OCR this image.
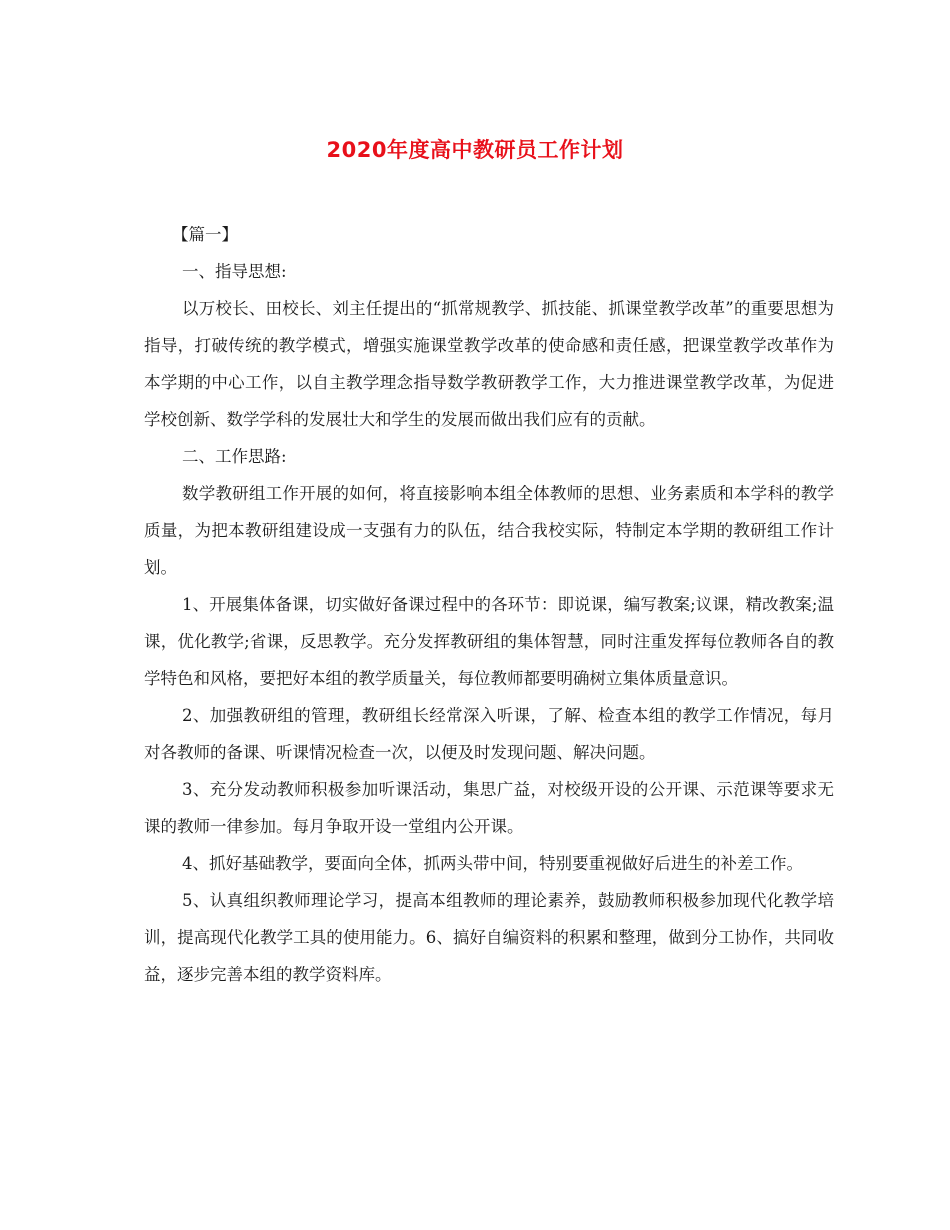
2020年度高中教研员工作计划

【篇一】

一、指导思想:

以万校长、田校长、刘主任提出的“抓常规教学、抓技能、抓课堂教学改革”的重要思想为指导，打破传统的教学模式，增强实施课堂教学改革的使命感和责任感，把课堂教学改革作为本学期的中心工作，以自主教学理念指导数学教研教学工作，大力推进课堂教学改革，为促进学校创新、数学学科的发展壮大和学生的发展而做出我们应有的贡献。

二、工作思路:

数学教研组工作开展的如何，将直接影响本组全体教师的思想、业务素质和本学科的教学质量，为把本教研组建设成一支强有力的队伍，结合我校实际，特制定本学期的教研组工作计划。

1、开展集体备课，切实做好备课过程中的各环节：即说课，编写教案;议课，精改教案;温课，优化教学;省课，反思教学。充分发挥教研组的集体智慧，同时注重发挥每位教师各自的教学特色和风格，要把好本组的教学质量关，每位教师都要明确树立集体质量意识。

2、加强教研组的管理，教研组长经常深入听课，了解、检查本组的教学工作情况，每月对各教师的备课、听课情况检查一次，以便及时发现问题、解决问题。

3、充分发动教师积极参加听课活动，集思广益，对校级开设的公开课、示范课等要求无课的教师一律参加。每月争取开设一堂组内公开课。

4、抓好基础教学，要面向全体，抓两头带中间，特别要重视做好后进生的补差工作。

5、认真组织教师理论学习，提高本组教师的理论素养，鼓励教师积极参加现代化教学培训，提高现代化教学工具的使用能力。6、搞好自编资料的积累和整理，做到分工协作，共同收益，逐步完善本组的教学资料库。
